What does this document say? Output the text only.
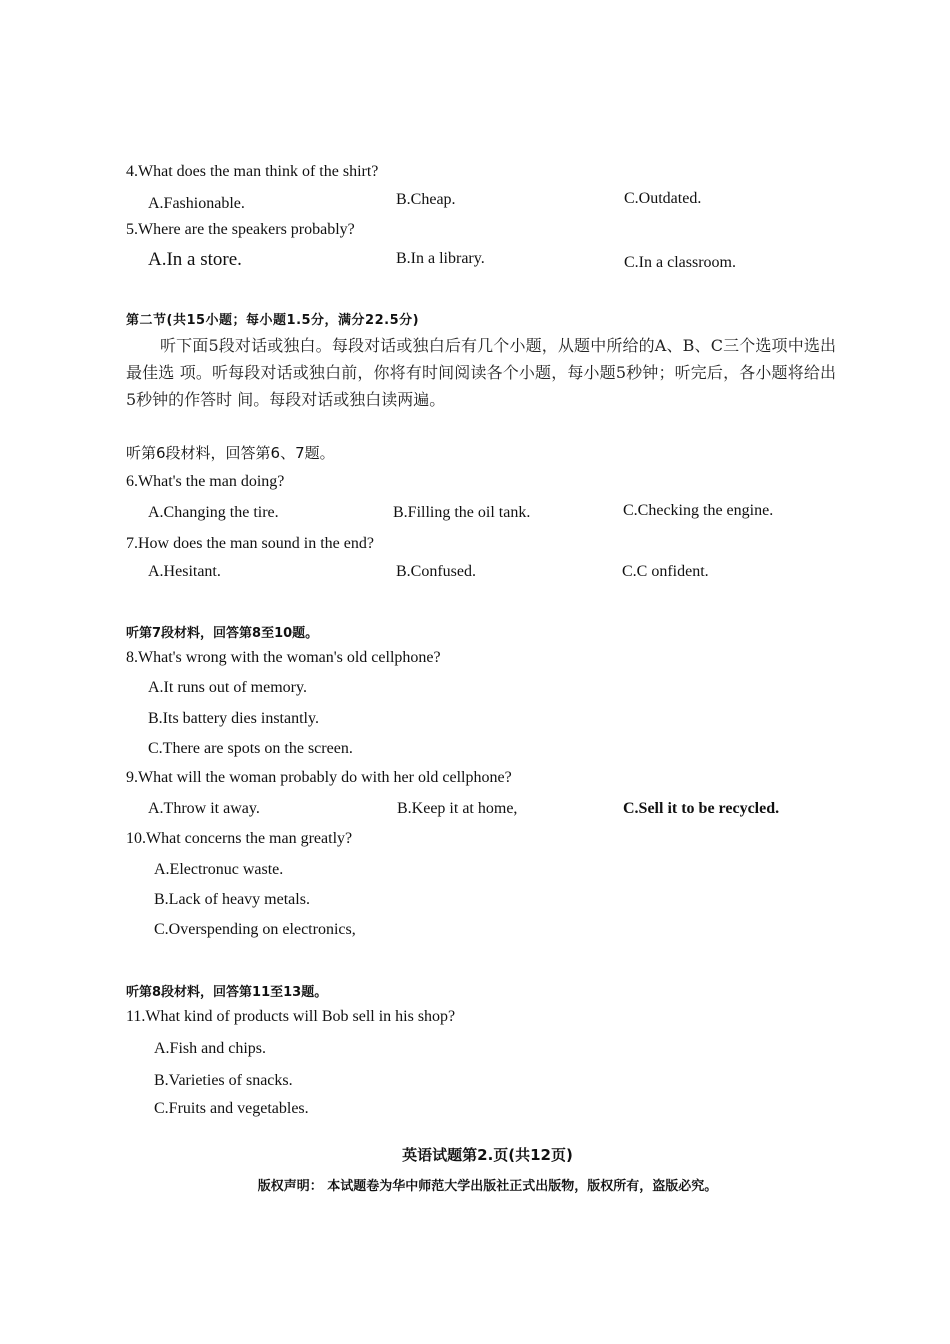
4.What does the man think of the shirt?
A.Fashionable.	B.Cheap.	C.Outdated.
5.Where are the speakers probably?
A.In a store.	B.In a library.	C.In a classroom.
第二节(共15小题；每小题1.5分，满分22.5分)
听下面5段对话或独白。每段对话或独白后有几个小题，从题中所给的A、B、C三个选项中选出最佳选 项。听每段对话或独白前，你将有时间阅读各个小题，每小题5秒钟；听完后，各小题将给出5秒钟的作答时 间。每段对话或独白读两遍。
听第6段材料，回答第6、7题。
6.What's the man doing?
A.Changing the tire.	B.Filling the oil tank.	C.Checking the engine.
7.How does the man sound in the end?
A.Hesitant.	B.Confused.	C.C onfident.
听第7段材料，回答第8至10题。
8.What's wrong with the woman's old cellphone?
A.It runs out of memory.
B.Its battery dies instantly.
C.There are spots on the screen.
9.What will the woman probably do with her old cellphone?
A.Throw it away.	B.Keep it at home,	C.Sell it to be recycled.
10.What concerns the man greatly?
A.Electronuc waste.
B.Lack of heavy metals.
C.Overspending on electronics,
听第8段材料，回答第11至13题。
11.What kind of products will Bob sell in his shop?
A.Fish and chips.
B.Varieties of snacks.
C.Fruits and vegetables.
英语试题第2.页(共12页)
版权声明： 本试题卷为华中师范大学出版社正式出版物，版权所有，盗版必究。
